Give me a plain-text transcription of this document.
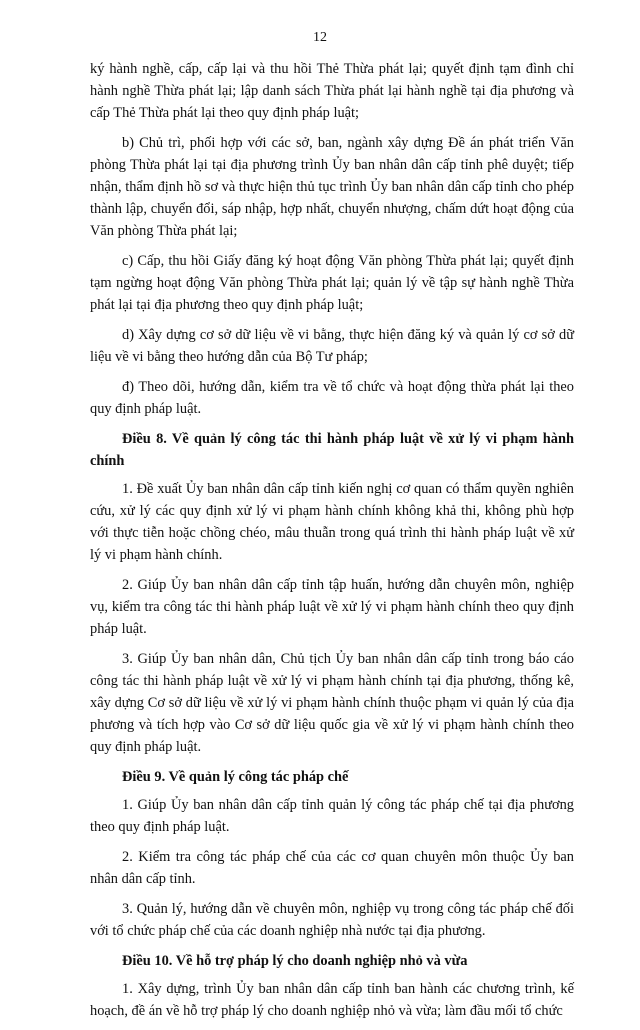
12

ký hành nghề, cấp, cấp lại và thu hồi Thẻ Thừa phát lại; quyết định tạm đình chỉ hành nghề Thừa phát lại; lập danh sách Thừa phát lại hành nghề tại địa phương và cấp Thẻ Thừa phát lại theo quy định pháp luật;

b) Chủ trì, phối hợp với các sở, ban, ngành xây dựng Đề án phát triển Văn phòng Thừa phát lại tại địa phương trình Ủy ban nhân dân cấp tỉnh phê duyệt; tiếp nhận, thẩm định hồ sơ và thực hiện thủ tục trình Ủy ban nhân dân cấp tỉnh cho phép thành lập, chuyển đổi, sáp nhập, hợp nhất, chuyển nhượng, chấm dứt hoạt động của Văn phòng Thừa phát lại;

c) Cấp, thu hồi Giấy đăng ký hoạt động Văn phòng Thừa phát lại; quyết định tạm ngừng hoạt động Văn phòng Thừa phát lại; quản lý về tập sự hành nghề Thừa phát lại tại địa phương theo quy định pháp luật;

d) Xây dựng cơ sở dữ liệu về vi bằng, thực hiện đăng ký và quản lý cơ sở dữ liệu về vi bằng theo hướng dẫn của Bộ Tư pháp;

đ) Theo dõi, hướng dẫn, kiểm tra về tổ chức và hoạt động thừa phát lại theo quy định pháp luật.

Điều 8. Về quản lý công tác thi hành pháp luật về xử lý vi phạm hành chính

1. Đề xuất Ủy ban nhân dân cấp tỉnh kiến nghị cơ quan có thẩm quyền nghiên cứu, xử lý các quy định xử lý vi phạm hành chính không khả thi, không phù hợp với thực tiễn hoặc chồng chéo, mâu thuẫn trong quá trình thi hành pháp luật về xử lý vi phạm hành chính.

2. Giúp Ủy ban nhân dân cấp tỉnh tập huấn, hướng dẫn chuyên môn, nghiệp vụ, kiểm tra công tác thi hành pháp luật về xử lý vi phạm hành chính theo quy định pháp luật.

3. Giúp Ủy ban nhân dân, Chủ tịch Ủy ban nhân dân cấp tỉnh trong báo cáo công tác thi hành pháp luật về xử lý vi phạm hành chính tại địa phương, thống kê, xây dựng Cơ sở dữ liệu về xử lý vi phạm hành chính thuộc phạm vi quản lý của địa phương và tích hợp vào Cơ sở dữ liệu quốc gia về xử lý vi phạm hành chính theo quy định pháp luật.

Điều 9. Về quản lý công tác pháp chế

1. Giúp Ủy ban nhân dân cấp tỉnh quản lý công tác pháp chế tại địa phương theo quy định pháp luật.

2. Kiểm tra công tác pháp chế của các cơ quan chuyên môn thuộc Ủy ban nhân dân cấp tỉnh.

3. Quản lý, hướng dẫn về chuyên môn, nghiệp vụ trong công tác pháp chế đối với tổ chức pháp chế của các doanh nghiệp nhà nước tại địa phương.

Điều 10. Về hỗ trợ pháp lý cho doanh nghiệp nhỏ và vừa

1. Xây dựng, trình Ủy ban nhân dân cấp tỉnh ban hành các chương trình, kế hoạch, đề án về hỗ trợ pháp lý cho doanh nghiệp nhỏ và vừa; làm đầu mối tổ chức
